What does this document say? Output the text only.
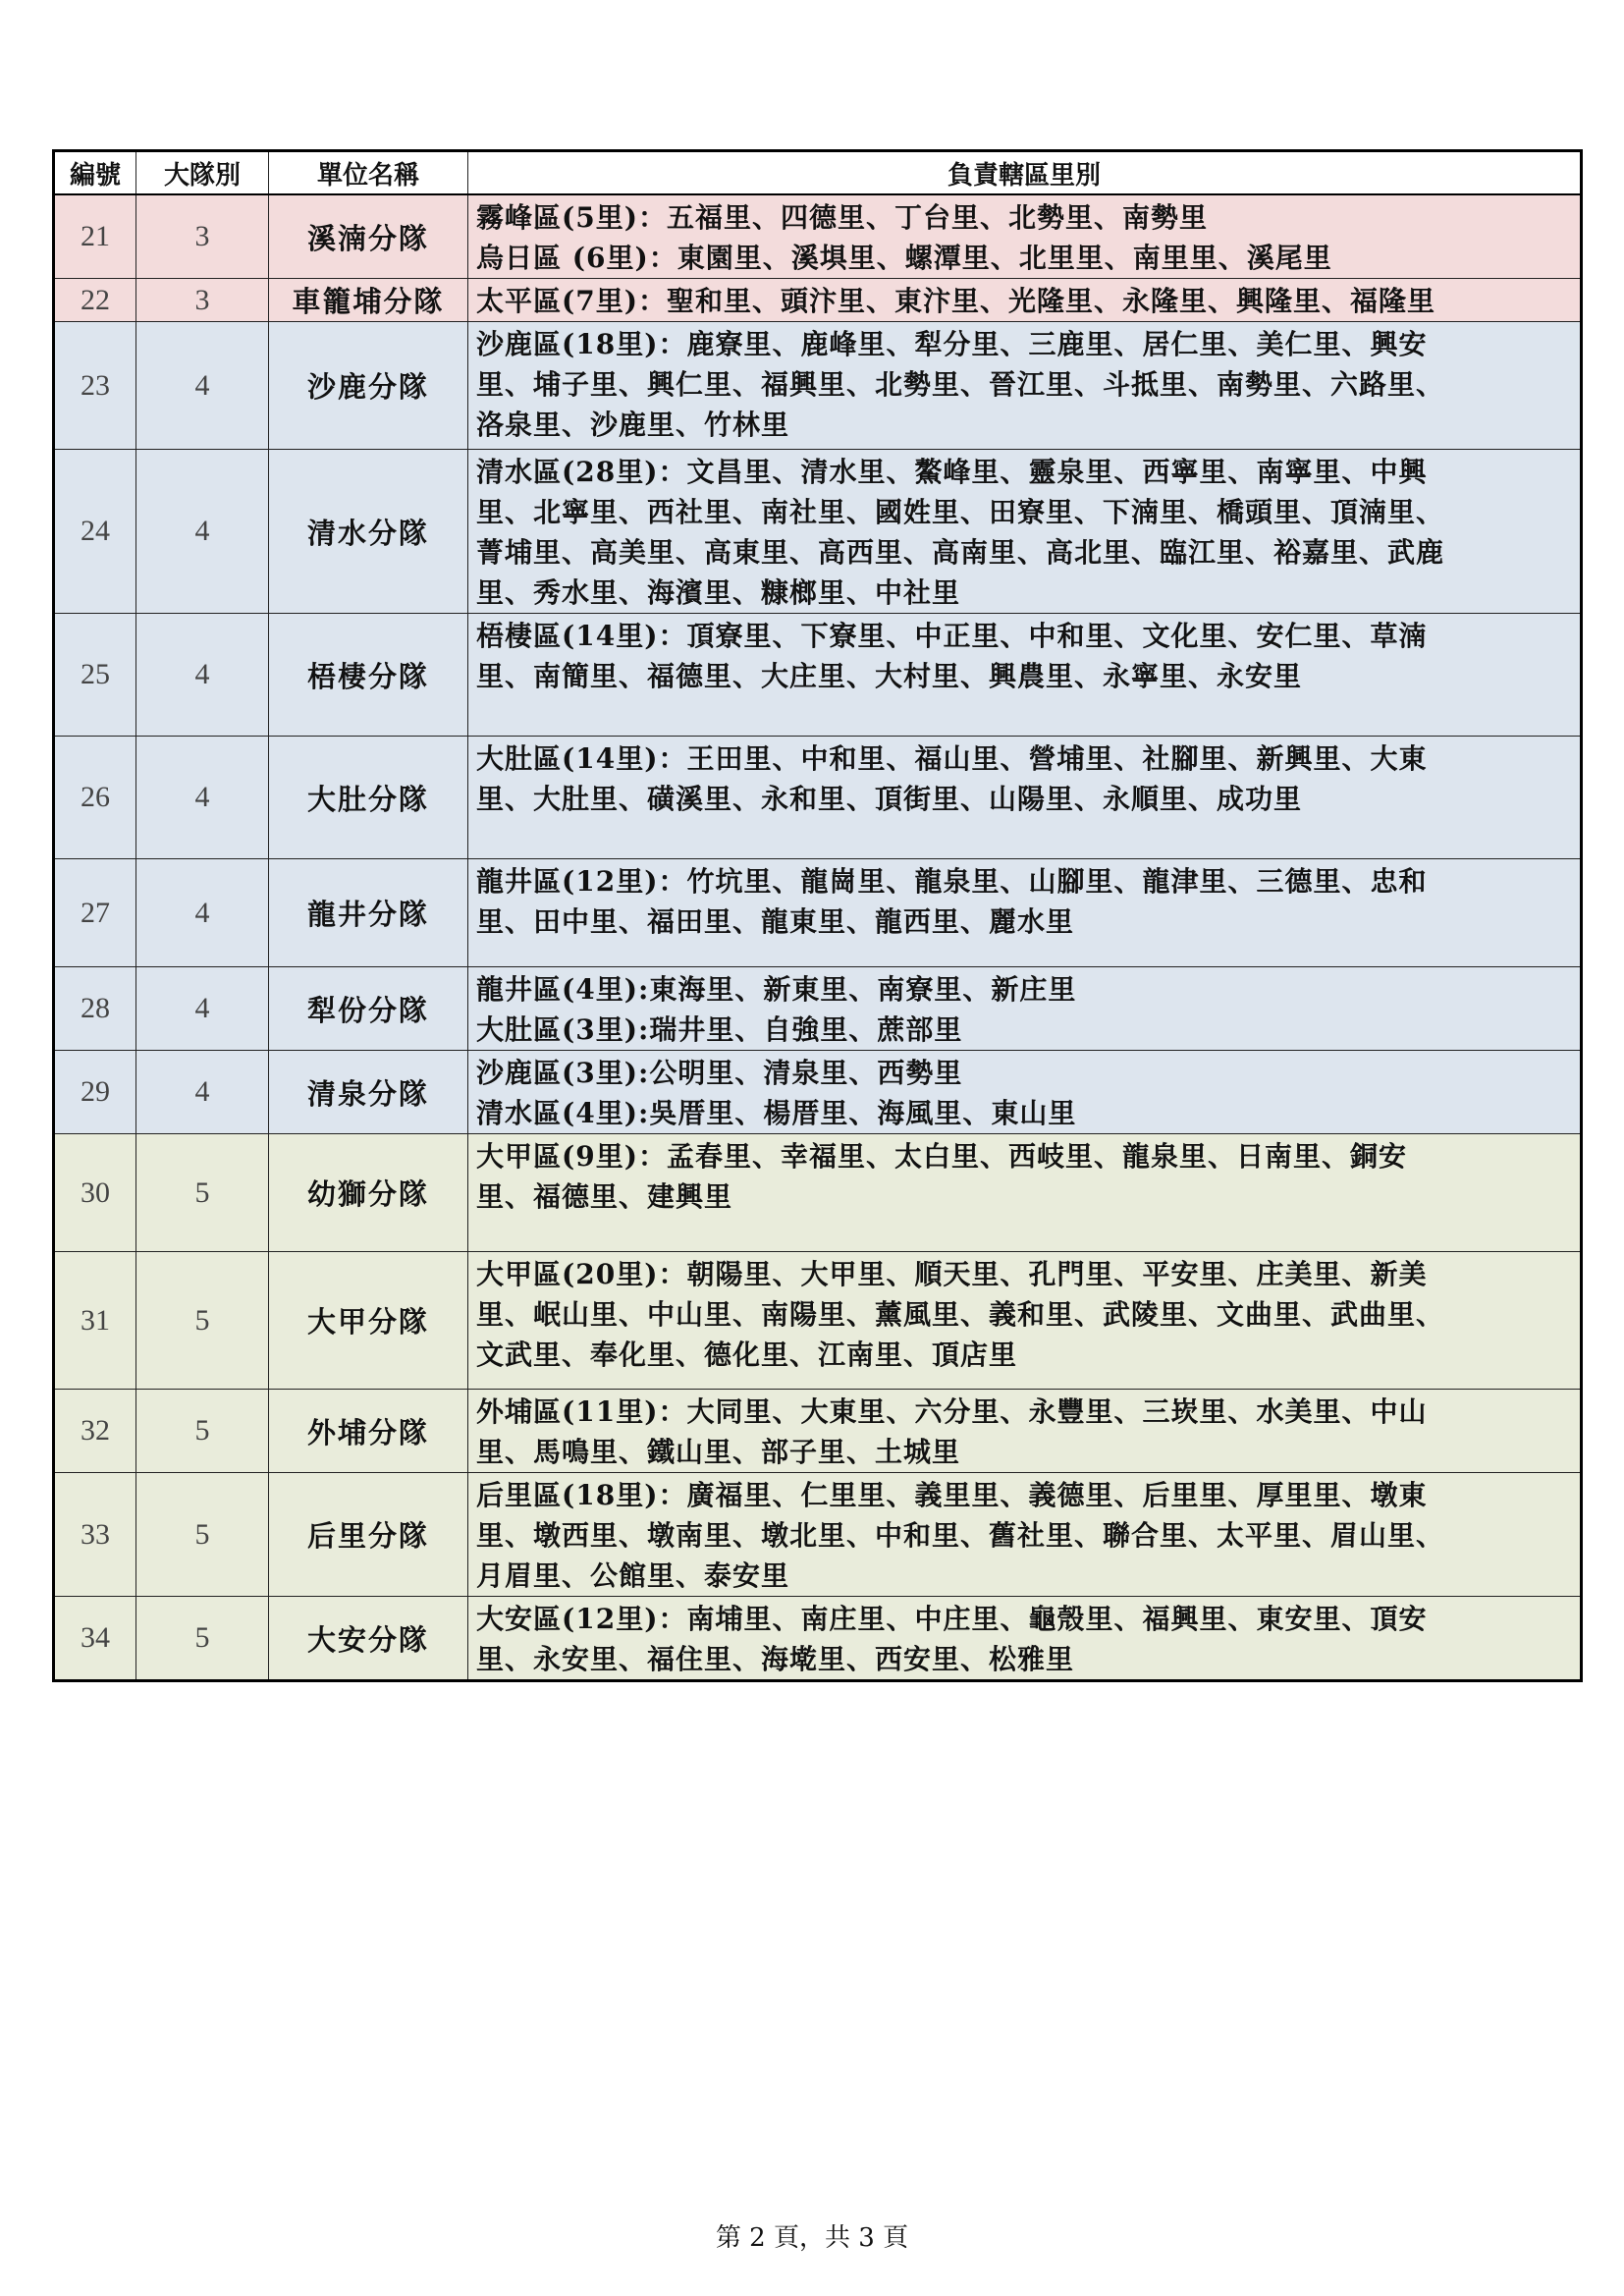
編號	大隊別	單位名稱	負責轄區里別
21	3	溪湳分隊	霧峰區(5里)：五福里、四德里、丁台里、北勢里、南勢里
烏日區 (6里)：東園里、溪埧里、螺潭里、北里里、南里里、溪尾里

22	3	車籠埔分隊	太平區(7里)：聖和里、頭汴里、東汴里、光隆里、永隆里、興隆里、福隆里

23	4	沙鹿分隊	沙鹿區(18里)：鹿寮里、鹿峰里、犁分里、三鹿里、居仁里、美仁里、興安
里、埔子里、興仁里、福興里、北勢里、晉江里、斗抵里、南勢里、六路里、
洛泉里、沙鹿里、竹林里

24	4	清水分隊	清水區(28里)：文昌里、清水里、鰲峰里、靈泉里、西寧里、南寧里、中興
里、北寧里、西社里、南社里、國姓里、田寮里、下湳里、橋頭里、頂湳里、
菁埔里、高美里、高東里、高西里、高南里、高北里、臨江里、裕嘉里、武鹿
里、秀水里、海濱里、糠榔里、中社里

25	4	梧棲分隊	梧棲區(14里)：頂寮里、下寮里、中正里、中和里、文化里、安仁里、草湳
里、南簡里、福德里、大庄里、大村里、興農里、永寧里、永安里

26	4	大肚分隊	大肚區(14里)：王田里、中和里、福山里、營埔里、社腳里、新興里、大東
里、大肚里、磺溪里、永和里、頂街里、山陽里、永順里、成功里

27	4	龍井分隊	龍井區(12里)：竹坑里、龍崗里、龍泉里、山腳里、龍津里、三德里、忠和
里、田中里、福田里、龍東里、龍西里、麗水里

28	4	犁份分隊	龍井區(4里):東海里、新東里、南寮里、新庄里
大肚區(3里):瑞井里、自強里、蔗部里

29	4	清泉分隊	沙鹿區(3里):公明里、清泉里、西勢里
清水區(4里):吳厝里、楊厝里、海風里、東山里

30	5	幼獅分隊	大甲區(9里)：孟春里、幸福里、太白里、西岐里、龍泉里、日南里、銅安
里、福德里、建興里

31	5	大甲分隊	大甲區(20里)：朝陽里、大甲里、順天里、孔門里、平安里、庄美里、新美
里、岷山里、中山里、南陽里、薰風里、義和里、武陵里、文曲里、武曲里、
文武里、奉化里、德化里、江南里、頂店里

32	5	外埔分隊	外埔區(11里)：大同里、大東里、六分里、永豐里、三崁里、水美里、中山
里、馬鳴里、鐵山里、部子里、土城里

33	5	后里分隊	后里區(18里)：廣福里、仁里里、義里里、義德里、后里里、厚里里、墩東
里、墩西里、墩南里、墩北里、中和里、舊社里、聯合里、太平里、眉山里、
月眉里、公館里、泰安里

34	5	大安分隊	大安區(12里)：南埔里、南庄里、中庄里、龜殼里、福興里、東安里、頂安
里、永安里、福住里、海墘里、西安里、松雅里
第 2 頁，共 3 頁
